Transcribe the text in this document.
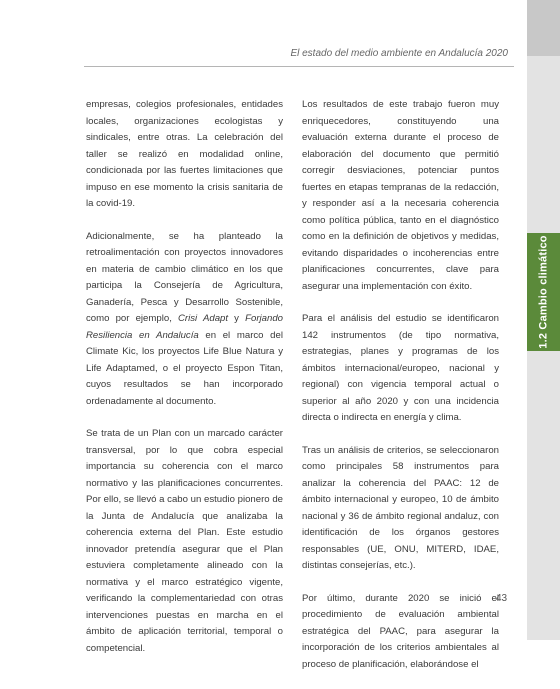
1.2 Cambio climático
El estado del medio ambiente en Andalucía 2020

empresas, colegios profesionales, entidades locales, organizaciones ecologistas y sindicales, entre otras. La celebración del taller se realizó en modalidad online, condicionada por las fuertes limitaciones que impuso en ese momento la crisis sanitaria de la covid-19.

Adicionalmente, se ha planteado la retroalimentación con proyectos innovadores en materia de cambio climático en los que participa la Consejería de Agricultura, Ganadería, Pesca y Desarrollo Sostenible, como por ejemplo, Crisi Adapt y Forjando Resiliencia en Andalucía en el marco del Climate Kic, los proyectos Life Blue Natura y Life Adaptamed, o el proyecto Espon Titan, cuyos resultados se han incorporado ordenadamente al documento.

Se trata de un Plan con un marcado carácter transversal, por lo que cobra especial importancia su coherencia con el marco normativo y las planificaciones concurrentes. Por ello, se llevó a cabo un estudio pionero de la Junta de Andalucía que analizaba la coherencia externa del Plan. Este estudio innovador pretendía asegurar que el Plan estuviera completamente alineado con la normativa y el marco estratégico vigente, verificando la complementariedad con otras intervenciones puestas en marcha en el ámbito de aplicación territorial, temporal o competencial.

Los resultados de este trabajo fueron muy enriquecedores, constituyendo una evaluación externa durante el proceso de elaboración del documento que permitió corregir desviaciones, potenciar puntos fuertes en etapas tempranas de la redacción, y responder así a la necesaria coherencia como política pública, tanto en el diagnóstico como en la definición de objetivos y medidas, evitando disparidades o incoherencias entre planificaciones concurrentes, clave para asegurar una implementación con éxito.

Para el análisis del estudio se identificaron 142 instrumentos (de tipo normativa, estrategias, planes y programas de los ámbitos internacional/europeo, nacional y regional) con vigencia temporal actual o superior al año 2020 y con una incidencia directa o indirecta en energía y clima.

Tras un análisis de criterios, se seleccionaron como principales 58 instrumentos para analizar la coherencia del PAAC: 12 de ámbito internacional y europeo, 10 de ámbito nacional y 36 de ámbito regional andaluz, con identificación de los órganos gestores responsables (UE, ONU, MITERD, IDAE, distintas consejerías, etc.).

Por último, durante 2020 se inició el procedimiento de evaluación ambiental estratégica del PAAC, para asegurar la incorporación de los criterios ambientales al proceso de planificación, elaborándose el

43
